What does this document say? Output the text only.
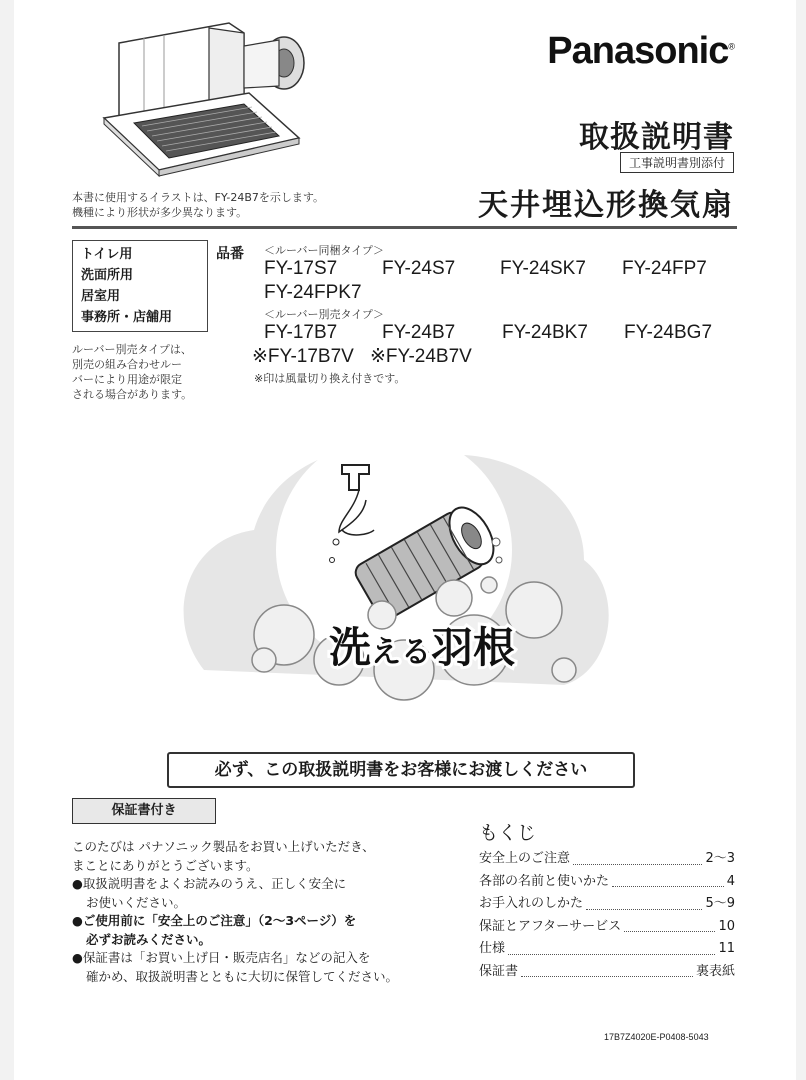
本書に使用するイラストは、FY-24B7を示します。
機種により形状が多少異なります。
Panasonic®
取扱説明書
工事説明書別添付
天井埋込形換気扇
トイレ用
洗面所用
居室用
事務所・店舗用
ルーバー別売タイプは、
別売の組み合わせルー
バーにより用途が限定
される場合があります。
品番 ＜ルーバー同梱タイプ＞
FY-17S7 FY-24S7 FY-24SK7 FY-24FP7
FY-24FPK7
＜ルーバー別売タイプ＞
FY-17B7 FY-24B7 FY-24BK7 FY-24BG7
※FY-17B7V ※FY-24B7V
※印は風量切り換え付きです。
洗える羽根
必ず、この取扱説明書をお客様にお渡しください
保証書付き

このたびは パナソニック製品をお買い上げいただき、

まことにありがとうございます。

●取扱説明書をよくお読みのうえ、正しく安全に
お使いください。

●ご使用前に「安全上のご注意」（2〜3ページ）を
必ずお読みください。

●保証書は「お買い上げ日・販売店名」などの記入を
確かめ、取扱説明書とともに大切に保管してください。

もくじ
安全上のご注意	2〜3
各部の名前と使いかた	4
お手入れのしかた	5〜9
保証とアフターサービス	10
仕様	11
保証書	裏表紙
17B7Z4020E-P0408-5043
